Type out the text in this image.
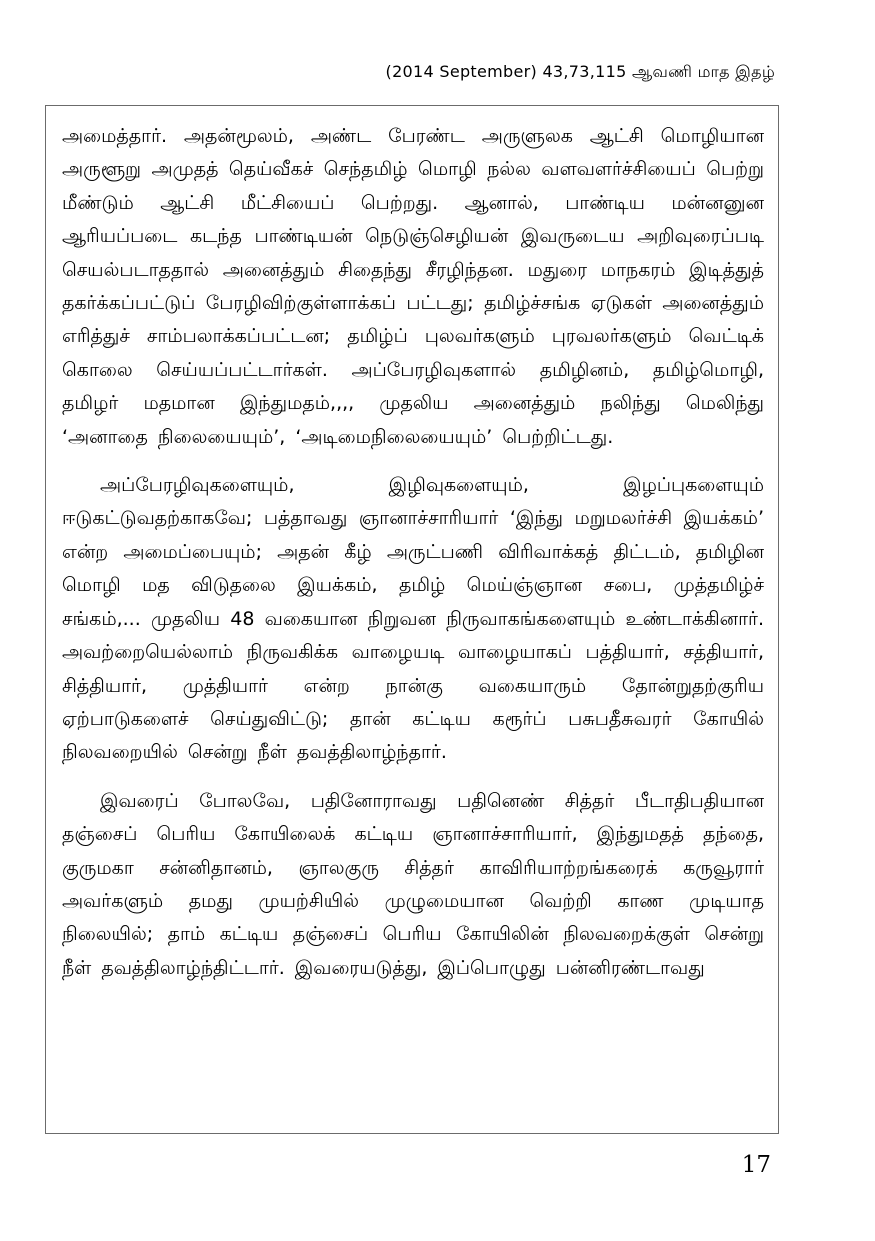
(2014 September) 43,73,115 ஆவணி மாத இதழ்

அமைத்தார். அதன்மூலம், அண்ட பேரண்ட அருளுலக ஆட்சி மொழியான அருளூறு அமுதத் தெய்வீகச் செந்தமிழ் மொழி நல்ல வளவளர்ச்சியைப் பெற்று மீண்டும் ஆட்சி மீட்சியைப் பெற்றது. ஆனால், பாண்டிய மன்னனுன ஆரியப்படை கடந்த பாண்டியன் நெடுஞ்செழியன் இவருடைய அறிவுரைப்படி செயல்படாததால் அனைத்தும் சிதைந்து சீரழிந்தன. மதுரை மாநகரம் இடித்துத் தகர்க்கப்பட்டுப் பேரழிவிற்குள்ளாக்கப் பட்டது; தமிழ்ச்சங்க ஏடுகள் அனைத்தும் எரித்துச் சாம்பலாக்கப்பட்டன; தமிழ்ப் புலவர்களும் புரவலர்களும் வெட்டிக் கொலை செய்யப்பட்டார்கள். அப்பேரழிவுகளால் தமிழினம், தமிழ்மொழி, தமிழர் மதமான இந்துமதம்,,,, முதலிய அனைத்தும் நலிந்து மெலிந்து ‘அனாதை நிலையையும்’, ‘அடிமைநிலையையும்’ பெற்றிட்டது.

அப்பேரழிவுகளையும், இழிவுகளையும், இழப்புகளையும் ஈடுகட்டுவதற்காகவே; பத்தாவது ஞானாச்சாரியார் ‘இந்து மறுமலர்ச்சி இயக்கம்’ என்ற அமைப்பையும்; அதன் கீழ் அருட்பணி விரிவாக்கத் திட்டம், தமிழின மொழி மத விடுதலை இயக்கம், தமிழ் மெய்ஞ்ஞான சபை, முத்தமிழ்ச் சங்கம்,... முதலிய 48 வகையான நிறுவன நிருவாகங்களையும் உண்டாக்கினார். அவற்றையெல்லாம் நிருவகிக்க வாழையடி வாழையாகப் பத்தியார், சத்தியார், சித்தியார், முத்தியார் என்ற நான்கு வகையாரும் தோன்றுதற்குரிய ஏற்பாடுகளைச் செய்துவிட்டு; தான் கட்டிய கரூர்ப் பசுபதீசுவரர் கோயில் நிலவறையில் சென்று நீள் தவத்திலாழ்ந்தார்.

இவரைப் போலவே, பதினோராவது பதினெண் சித்தர் பீடாதிபதியான தஞ்சைப் பெரிய கோயிலைக் கட்டிய ஞானாச்சாரியார், இந்துமதத் தந்தை, குருமகா சன்னிதானம், ஞாலகுரு சித்தர் காவிரியாற்றங்கரைக் கருவூரார் அவர்களும் தமது முயற்சியில் முழுமையான வெற்றி காண முடியாத நிலையில்; தாம் கட்டிய தஞ்சைப் பெரிய கோயிலின் நிலவறைக்குள் சென்று நீள் தவத்திலாழ்ந்திட்டார். இவரையடுத்து, இப்பொழுது பன்னிரண்டாவது

17
